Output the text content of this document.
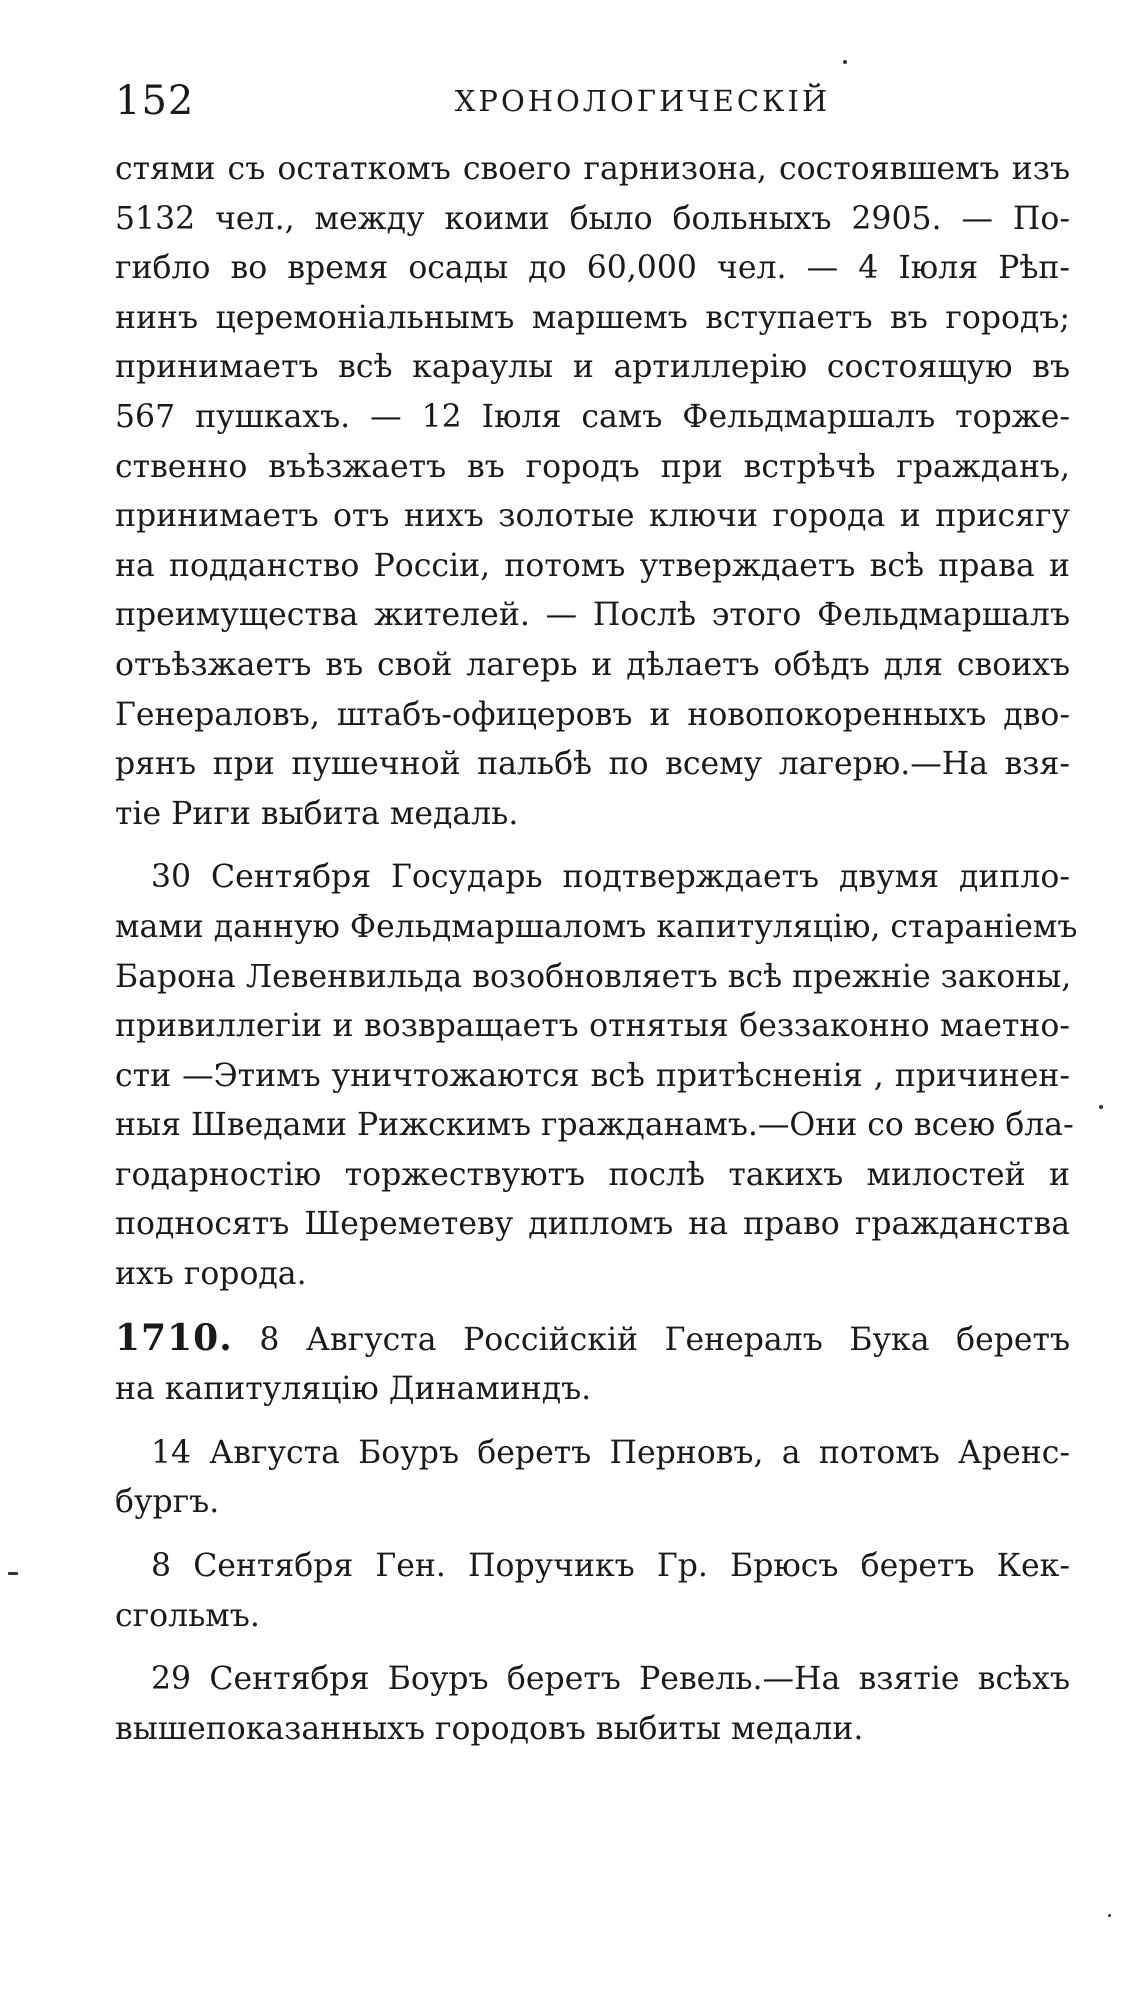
152	ХРОНОЛОГИЧЕСКІЙ

стями съ остаткомъ своего гарнизона, состоявшемъ изъ
5132 чел., между коими было больныхъ 2905. — По-
гибло во время осады до 60,000 чел. — 4 Іюля Рѣп-
нинъ церемоніальнымъ маршемъ вступаетъ въ городъ;
принимаетъ всѣ караулы и артиллерію состоящую въ
567 пушкахъ. — 12 Іюля самъ Фельдмаршалъ торже-
ственно въѣзжаетъ въ городъ при встрѣчѣ гражданъ,
принимаетъ отъ нихъ золотые ключи города и присягу
на подданство Россіи, потомъ утверждаетъ всѣ права и
преимущества жителей. — Послѣ этого Фельдмаршалъ
отъѣзжаетъ въ свой лагерь и дѣлаетъ обѣдъ для своихъ
Генераловъ, штабъ-офицеровъ и новопокоренныхъ дво-
рянъ при пушечной пальбѣ по всему лагерю.—На взя-
тіе Риги выбита медаль.

30 Сентября Государь подтверждаетъ двумя дипло-
мами данную Фельдмаршаломъ капитуляцію, стараніемъ
Барона Левенвильда возобновляетъ всѣ прежніе законы,
привиллегіи и возвращаетъ отнятыя беззаконно маетно-
сти —Этимъ уничтожаются всѣ притѣсненія , причинен-
ныя Шведами Рижскимъ гражданамъ.—Они со всею бла-
годарностію торжествуютъ послѣ такихъ милостей и
подносятъ Шереметеву дипломъ на право гражданства
ихъ города.

1710. 8 Августа Россійскій Генералъ Бука беретъ
на капитуляцію Динаминдъ.

14 Августа Боуръ беретъ Перновъ, а потомъ Аренс-
бургъ.

8 Сентября Ген. Поручикъ Гр. Брюсъ беретъ Кек-
сгольмъ.

29 Сентября Боуръ беретъ Ревель.—На взятіе всѣхъ
вышепоказанныхъ городовъ выбиты медали.
